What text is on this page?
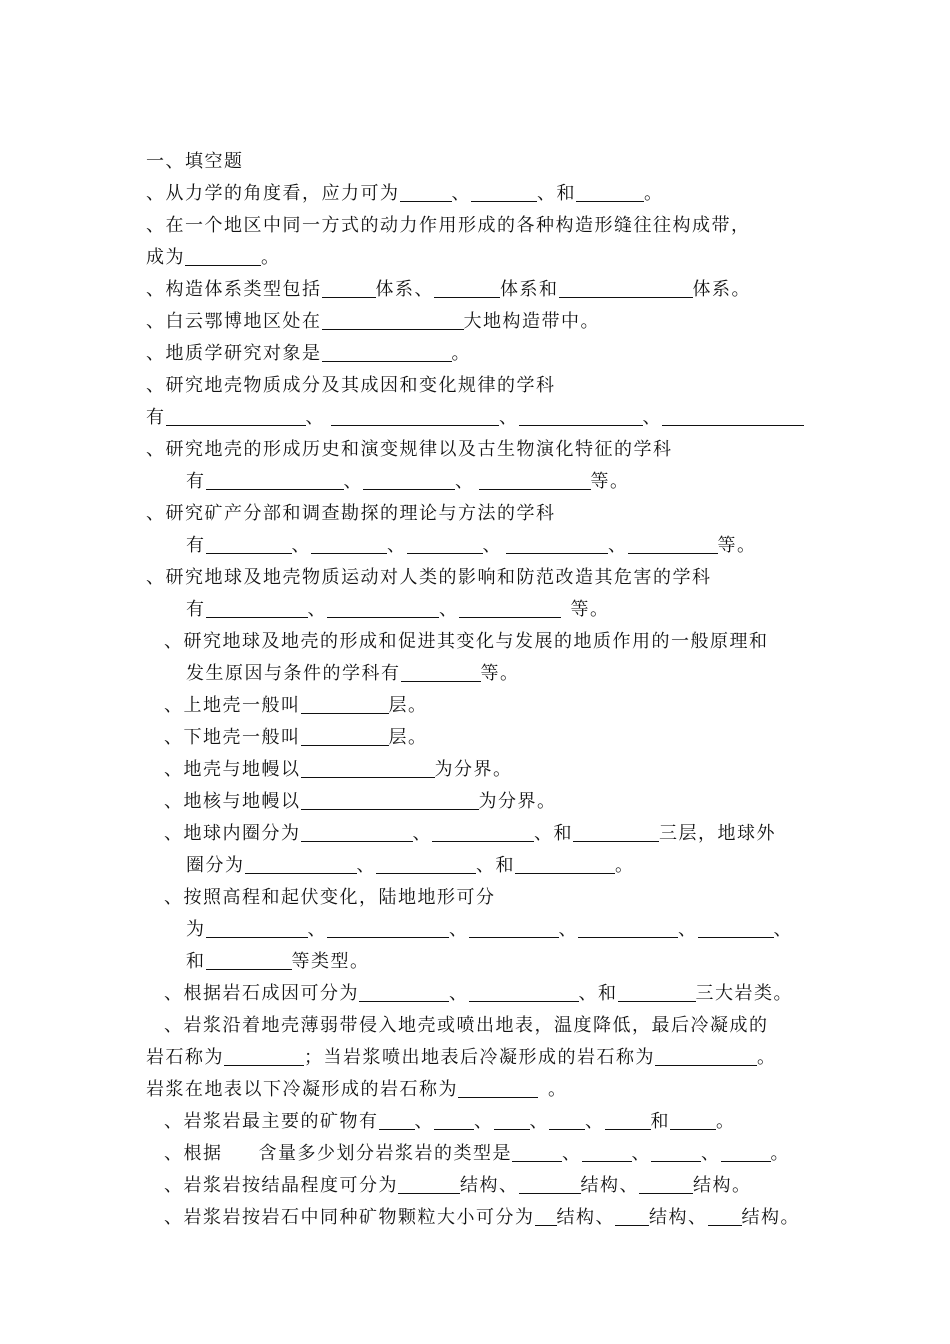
一、填空题
、从力学的角度看，应力可为	、	、和	。
、在一个地区中同一方式的动力作用形成的各种构造形缝往往构成带，
成为	。
、构造体系类型包括	体系、	体系和	体系。
、白云鄂博地区处在	大地构造带中。
、地质学研究对象是	。
、研究地壳物质成分及其成因和变化规律的学科
有	、	、	、
、研究地壳的形成历史和演变规律以及古生物演化特征的学科
有	、	、	等。
、研究矿产分部和调查勘探的理论与方法的学科
有	、	、	、	、	等。
、研究地球及地壳物质运动对人类的影响和防范改造其危害的学科
有	、	、	等。
、研究地球及地壳的形成和促进其变化与发展的地质作用的一般原理和
发生原因与条件的学科有	等。
、上地壳一般叫	层。
、下地壳一般叫	层。
、地壳与地幔以	为分界。
、地核与地幔以	为分界。
、地球内圈分为	、	、和	三层，地球外
圈分为	、	、和	。
、按照高程和起伏变化，陆地地形可分
为	、	、	、	、	、
和	等类型。
、根据岩石成因可分为	、	、和	三大岩类。
、岩浆沿着地壳薄弱带侵入地壳或喷出地表，温度降低，最后冷凝成的
岩石称为	；当岩浆喷出地表后冷凝形成的岩石称为	。
岩浆在地表以下冷凝形成的岩石称为	。
、岩浆岩最主要的矿物有 、 、 、 、	和	。
、根据 含量多少划分岩浆岩的类型是	、	、	、	。
、岩浆岩按结晶程度可分为	结构、	结构、	结构。
、岩浆岩按岩石中同种矿物颗粒大小可分为 结构、 结构、 结构。
